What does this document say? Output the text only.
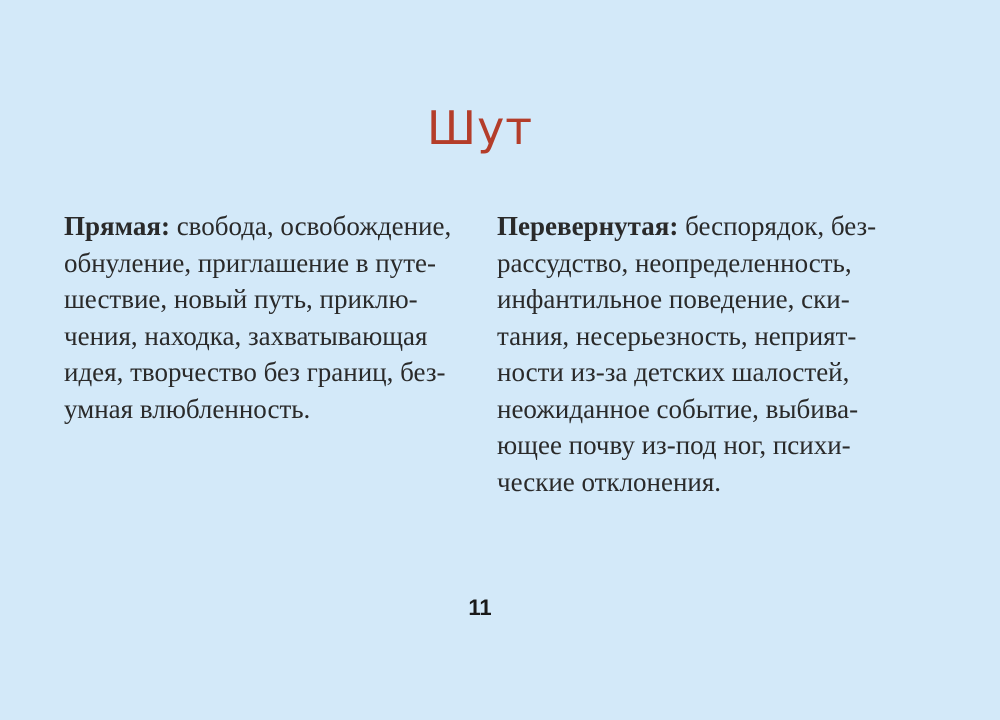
Шут

Прямая: свобода, освобождение,
обнуление, приглашение в путе-
шествие, новый путь, приклю-
чения, находка, захватывающая
идея, творчество без границ, без-
умная влюбленность.

Перевернутая: беспорядок, без-
рассудство, неопределенность,
инфантильное поведение, ски-
тания, несерьезность, неприят-
ности из-за детских шалостей,
неожиданное событие, выбива-
ющее почву из-под ног, психи-
ческие отклонения.

11
